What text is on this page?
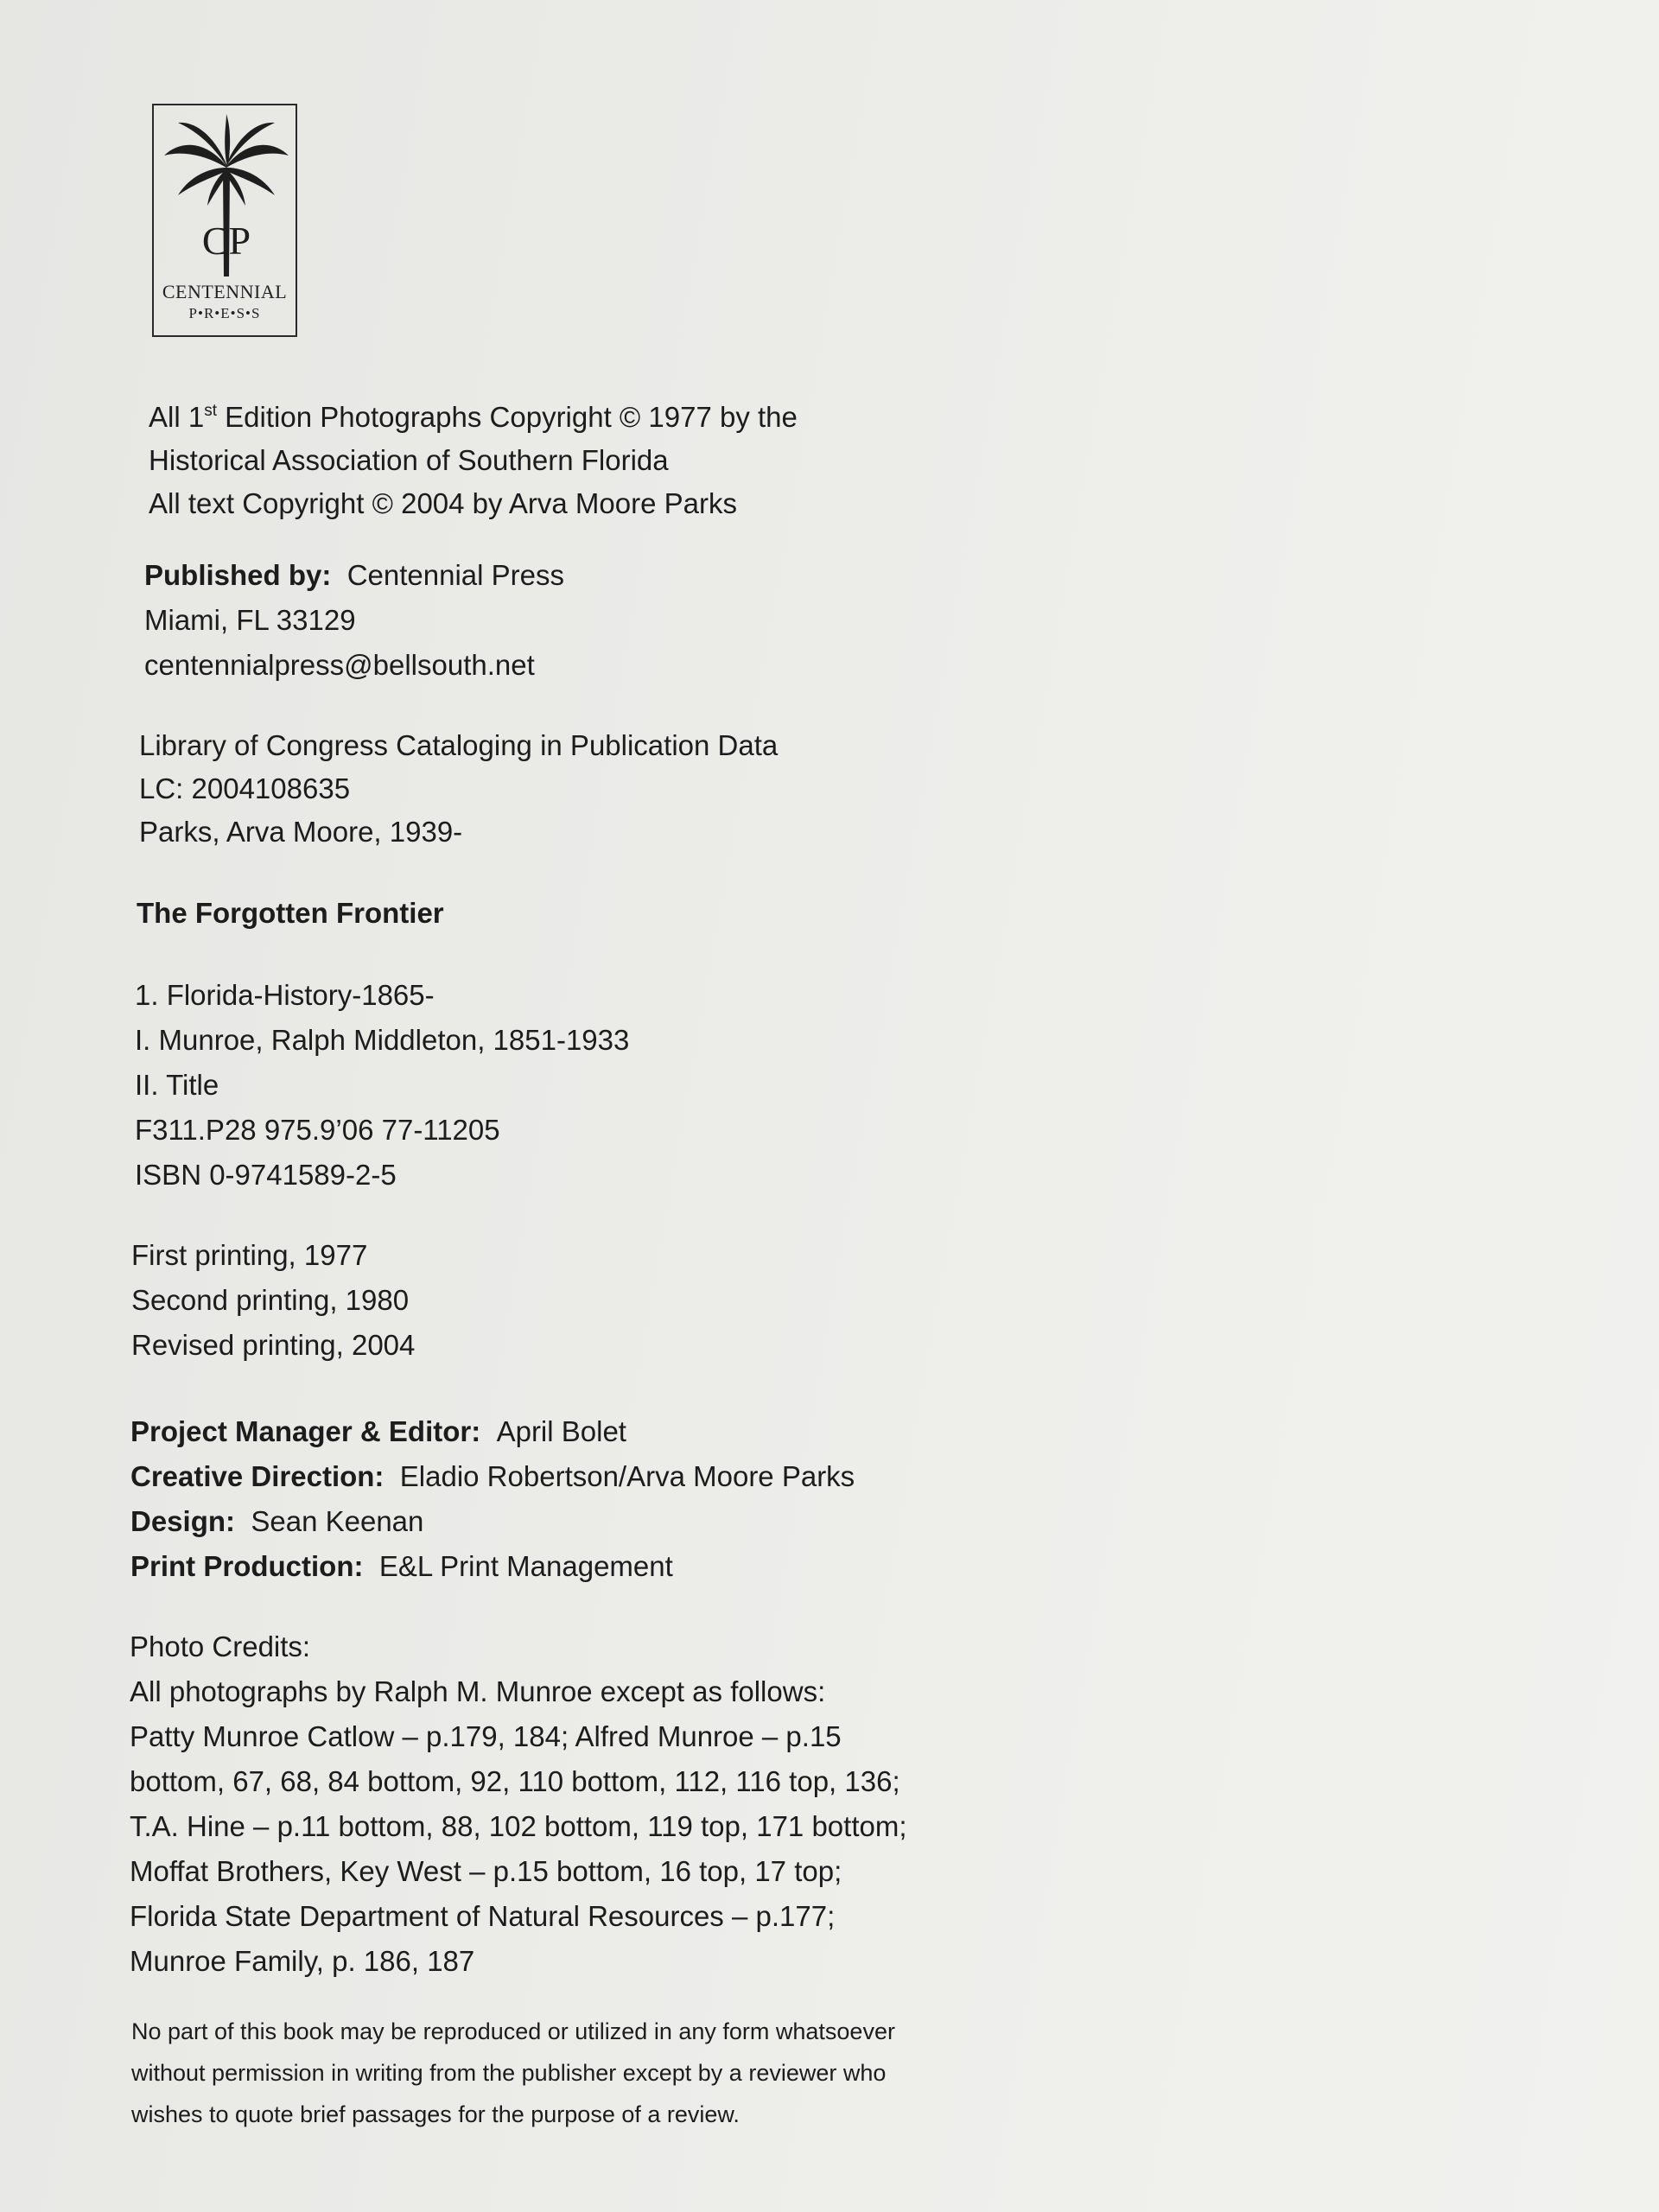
CP
CENTENNIAL
P•R•E•S•S
All 1st Edition Photographs Copyright © 1977 by the
Historical Association of Southern Florida
All text Copyright © 2004 by Arva Moore Parks
Published by: Centennial Press
Miami, FL 33129
centennialpress@bellsouth.net
Library of Congress Cataloging in Publication Data
LC: 2004108635
Parks, Arva Moore, 1939-
The Forgotten Frontier
1. Florida-History-1865-
I. Munroe, Ralph Middleton, 1851-1933
II. Title
F311.P28 975.9’06 77-11205
ISBN 0-9741589-2-5
First printing, 1977
Second printing, 1980
Revised printing, 2004
Project Manager & Editor: April Bolet
Creative Direction: Eladio Robertson/Arva Moore Parks
Design: Sean Keenan
Print Production: E&L Print Management
Photo Credits:
All photographs by Ralph M. Munroe except as follows:
Patty Munroe Catlow – p.179, 184; Alfred Munroe – p.15
bottom, 67, 68, 84 bottom, 92, 110 bottom, 112, 116 top, 136;
T.A. Hine – p.11 bottom, 88, 102 bottom, 119 top, 171 bottom;
Moffat Brothers, Key West – p.15 bottom, 16 top, 17 top;
Florida State Department of Natural Resources – p.177;
Munroe Family, p. 186, 187
No part of this book may be reproduced or utilized in any form whatsoever
without permission in writing from the publisher except by a reviewer who
wishes to quote brief passages for the purpose of a review.
